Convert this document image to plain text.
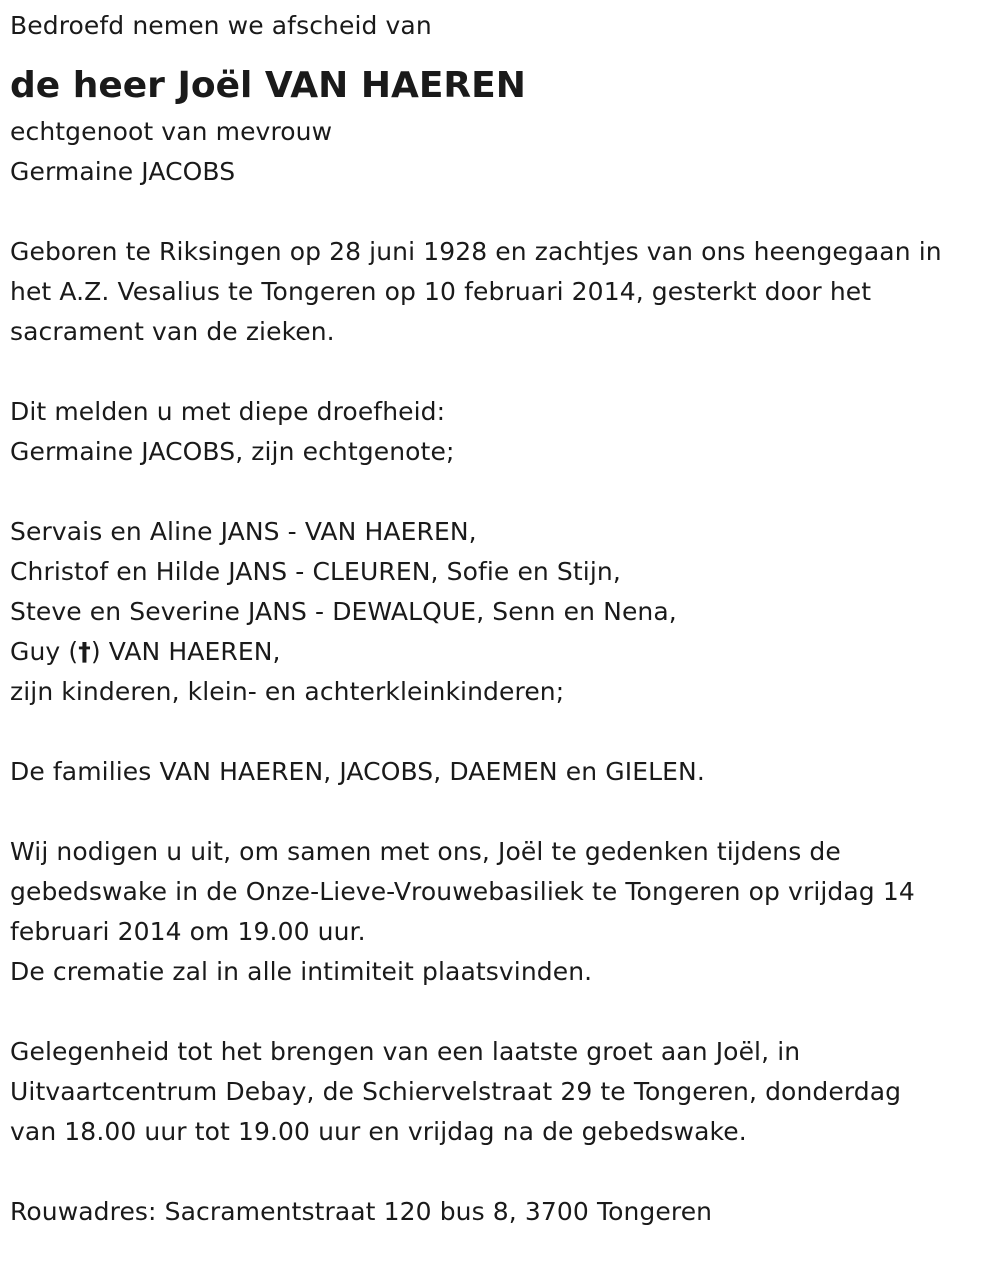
Bedroefd nemen we afscheid van
de heer Joël VAN HAEREN
echtgenoot van mevrouw
Germaine JACOBS
Geboren te Riksingen op 28 juni 1928 en zachtjes van ons heengegaan in
het A.Z. Vesalius te Tongeren op 10 februari 2014, gesterkt door het
sacrament van de zieken.
Dit melden u met diepe droefheid:
Germaine JACOBS, zijn echtgenote;
Servais en Aline JANS - VAN HAEREN,
Christof en Hilde JANS - CLEUREN, Sofie en Stijn,
Steve en Severine JANS - DEWALQUE, Senn en Nena,
Guy (†) VAN HAEREN,
zijn kinderen, klein- en achterkleinkinderen;
De families VAN HAEREN, JACOBS, DAEMEN en GIELEN.
Wij nodigen u uit, om samen met ons, Joël te gedenken tijdens de
gebedswake in de Onze-Lieve-Vrouwebasiliek te Tongeren op vrijdag 14
februari 2014 om 19.00 uur.
De crematie zal in alle intimiteit plaatsvinden.
Gelegenheid tot het brengen van een laatste groet aan Joël, in
Uitvaartcentrum Debay, de Schiervelstraat 29 te Tongeren, donderdag
van 18.00 uur tot 19.00 uur en vrijdag na de gebedswake.
Rouwadres: Sacramentstraat 120 bus 8, 3700 Tongeren
